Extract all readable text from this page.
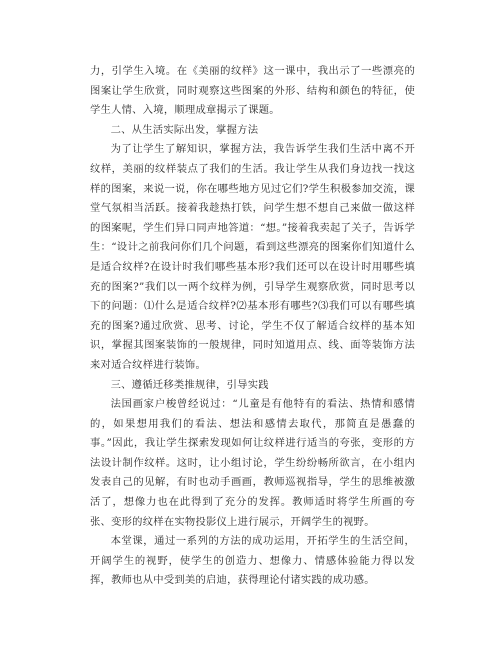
力，引学生入境。在《美丽的纹样》这一课中，我出示了一些漂亮的图案让学生欣赏，同时观察这些图案的外形、结构和颜色的特征，使学生人情、入境，顺理成章揭示了课题。

二、从生活实际出发，掌握方法

为了让学生了解知识，掌握方法，我告诉学生我们生活中离不开纹样，美丽的纹样装点了我们的生活。我让学生从我们身边找一找这样的图案，来说一说，你在哪些地方见过它们?学生积极参加交流，课堂气氛相当活跃。接着我趁热打铁，问学生想不想自己来做一做这样的图案呢，学生们异口同声地答道：“想。”接着我卖起了关子，告诉学生：“设计之前我问你们几个问题，看到这些漂亮的图案你们知道什么是适合纹样?在设计时我们哪些基本形?我们还可以在设计时用哪些填充的图案?”我们以一两个纹样为例，引导学生观察欣赏，同时思考以下的问题：⑴什么是适合纹样?⑵基本形有哪些?⑶我们可以有哪些填充的图案?通过欣赏、思考、讨论，学生不仅了解适合纹样的基本知识，掌握其图案装饰的一般规律，同时知道用点、线、面等装饰方法来对适合纹样进行装饰。

三、遵循迁移类推规律，引导实践

法国画家户梭曾经说过：“儿童是有他特有的看法、热情和感情的，如果想用我们的看法、想法和感情去取代，那简直是愚蠢的事。”因此，我让学生探索发现如何让纹样进行适当的夸张，变形的方法设计制作纹样。这时，让小组讨论，学生纷纷畅所欲言，在小组内发表自己的见解，有时也动手画画，教师巡视指导，学生的思维被激活了，想像力也在此得到了充分的发挥。教师适时将学生所画的夸张、变形的纹样在实物投影仪上进行展示，开阔学生的视野。

本堂课，通过一系列的方法的成功运用，开拓学生的生活空间，开阔学生的视野，使学生的创造力、想像力、情感体验能力得以发挥，教师也从中受到美的启迪，获得理论付诸实践的成功感。
